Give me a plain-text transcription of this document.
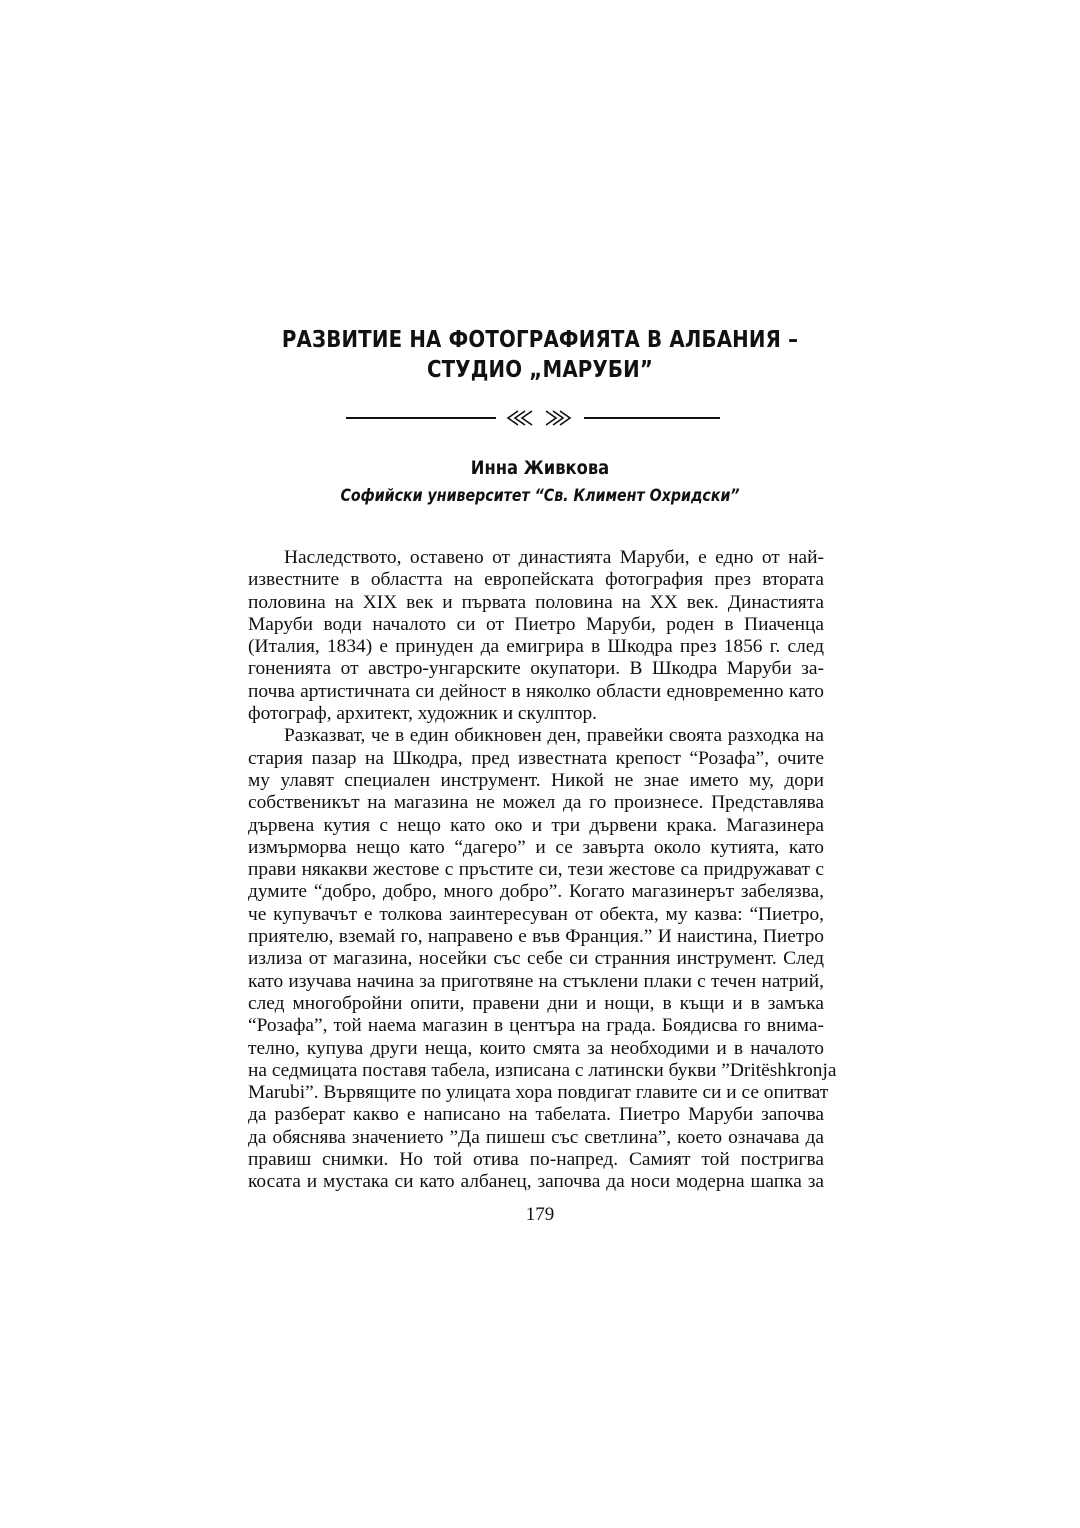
РАЗВИТИЕ НА ФОТОГРАФИЯТА В АЛБАНИЯ –
СТУДИО „МАРУБИ”
Инна Живкова
Софийски университет “Св. Климент Охридски”
Наследството, оставено от династията Маруби, е едно от най-
известните в областта на европейската фотография през втората
половина на XIX век и първата половина на XX век. Династията
Маруби води началото си от Пиетро Маруби, роден в Пиаченца
(Италия, 1834) е принуден да емигрира в Шкодра през 1856 г. след
гоненията от австро-унгарските окупатори. В Шкодра Маруби за-
почва артистичната си дейност в няколко области едновременно като
фотограф, архитект, художник и скулптор.
Разказват, че в един обикновен ден, правейки своята разходка на
стария пазар на Шкодра, пред известната крепост “Розафа”, очите
му улавят специален инструмент. Никой не знае името му, дори
собственикът на магазина не можел да го произнесе. Представлява
дървена кутия с нещо като око и три дървени крака. Магазинера
измърморва нещо като “дагеро” и се завърта около кутията, като
прави някакви жестове с пръстите си, тези жестове са придружават с
думите “добро, добро, много добро”. Когато магазинерът забелязва,
че купувачът е толкова заинтересуван от обекта, му казва: “Пиетро,
приятелю, вземай го, направено е във Франция.” И наистина, Пиетро
излиза от магазина, носейки със себе си странния инструмент. След
като изучава начина за приготвяне на стъклени плаки с течен натрий,
след многобройни опити, правени дни и нощи, в къщи и в замъка
“Розафа”, той наема магазин в центъра на града. Боядисва го внима-
телно, купува други неща, които смята за необходими и в началото
на седмицата поставя табела, изписана с латински букви ”Dritëshkronja
Marubi”. Вървящите по улицата хора повдигат главите си и се опитват
да разберат какво е написано на табелата. Пиетро Маруби започва
да обяснява значението ”Да пишеш със светлина”, което означава да
правиш снимки. Но той отива по-напред. Самият той постригва
косата и мустака си като албанец, започва да носи модерна шапка за
179
